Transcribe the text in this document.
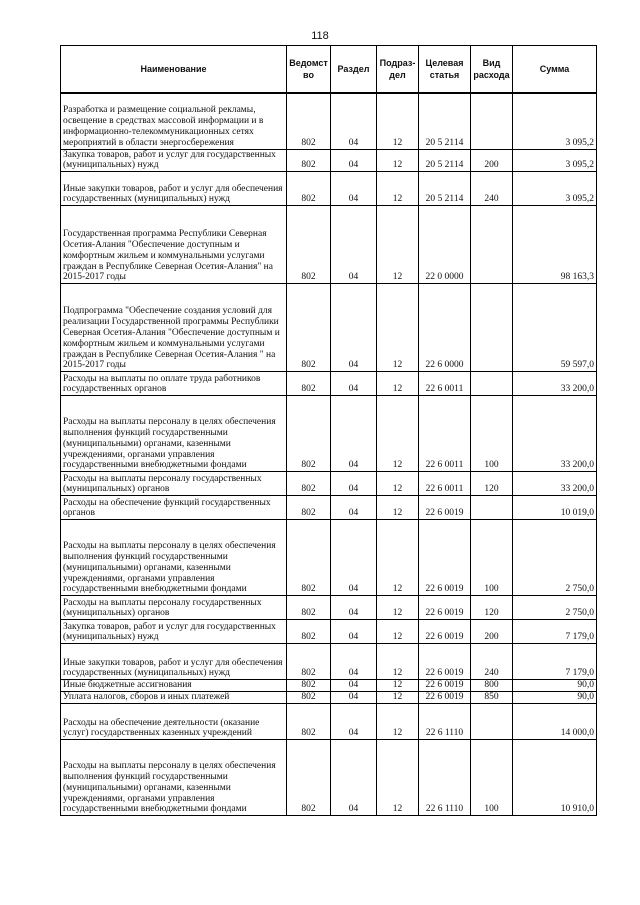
118
Наименование	Ведомст во	Раздел	Подраз- дел	Целевая статья	Вид расхода	Сумма
Разработка и размещение социальной рекламы, освещение в средствах массовой информации и в информационно-телекоммуникационных сетях мероприятий в области энергосбережения	802	04	12	20 5 2114		3 095,2
Закупка товаров, работ и услуг для государственных (муниципальных) нужд	802	04	12	20 5 2114	200	3 095,2
Иные закупки товаров, работ и услуг для обеспечения государственных (муниципальных) нужд	802	04	12	20 5 2114	240	3 095,2
Государственная программа Республики Северная Осетия-Алания "Обеспечение доступным и комфортным жильем и коммунальными услугами граждан в Республике Северная Осетия-Алания" на 2015-2017 годы	802	04	12	22 0 0000		98 163,3
Подпрограмма "Обеспечение создания условий для реализации Государственной программы Республики Северная Осетия-Алания "Обеспечение доступным и комфортным жильем и коммунальными услугами граждан в Республике Северная Осетия-Алания " на 2015-2017 годы	802	04	12	22 6 0000		59 597,0
Расходы на выплаты по оплате труда работников государственных органов	802	04	12	22 6 0011		33 200,0
Расходы на выплаты персоналу в целях обеспечения выполнения функций государственными (муниципальными) органами, казенными учреждениями, органами управления государственными внебюджетными фондами	802	04	12	22 6 0011	100	33 200,0
Расходы на выплаты персоналу государственных (муниципальных) органов	802	04	12	22 6 0011	120	33 200,0
Расходы на обеспечение функций государственных органов	802	04	12	22 6 0019		10 019,0
Расходы на выплаты персоналу в целях обеспечения выполнения функций государственными (муниципальными) органами, казенными учреждениями, органами управления государственными внебюджетными фондами	802	04	12	22 6 0019	100	2 750,0
Расходы на выплаты персоналу государственных (муниципальных) органов	802	04	12	22 6 0019	120	2 750,0
Закупка товаров, работ и услуг для государственных (муниципальных) нужд	802	04	12	22 6 0019	200	7 179,0
Иные закупки товаров, работ и услуг для обеспечения государственных (муниципальных) нужд	802	04	12	22 6 0019	240	7 179,0
Иные бюджетные ассигнования	802	04	12	22 6 0019	800	90,0
Уплата налогов, сборов и иных платежей	802	04	12	22 6 0019	850	90,0
Расходы на обеспечение деятельности (оказание услуг) государственных казенных учреждений	802	04	12	22 6 1110		14 000,0
Расходы на выплаты персоналу в целях обеспечения выполнения функций государственными (муниципальными) органами, казенными учреждениями, органами управления государственными внебюджетными фондами	802	04	12	22 6 1110	100	10 910,0
